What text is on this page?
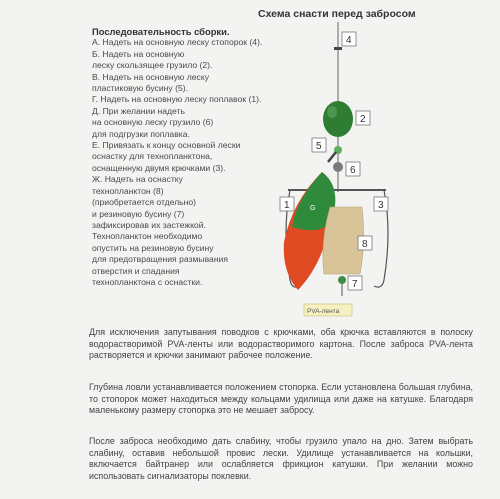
Схема снасти перед забросом
Последовательность сборки.
А. Надеть на основную леску стопорок (4).
Б. Надеть на основную
леску скользящее грузило (2).
В. Надеть на основную леску
пластиковую бусину (5).
Г. Надеть на основную леску поплавок (1).
Д. При желании надеть
на основную леску грузило (6)
для подгрузки поплавка.
Е. Привязать к концу основной лески
оснастку для технопланктона,
оснащенную двумя крючками (3).
Ж. Надеть на оснастку
технопланктон (8)
(приобретается отдельно)
и резиновую бусину (7)
зафиксировав их застежкой.
Технопланктон необходимо
опустить на резиновую бусину
для предотвращения размывания
отверстия и спадания
технопланктона с оснастки.
G
PVA-лента
4
2
5
6
1	3
8
7
Для исключения запутывания поводков с крючками, оба крючка вставляются в полоску водорастворимой PVA-ленты или водорастворимого картона. После заброса PVA-лента растворяется и крючки занимают рабочее положение.
Глубина ловли устанавливается положением стопорка. Если установлена большая глубина, то стопорок может находиться между кольцами удилища или даже на катушке. Благодаря маленькому размеру стопорка это не мешает забросу.
После заброса необходимо дать слабину, чтобы грузило упало на дно. Затем выбрать слабину, оставив небольшой провис лески. Удилище устанавливается на кольшки, включается байтранер или ослабляется фрикцион катушки. При желании можно использовать сигнализаторы поклевки.
